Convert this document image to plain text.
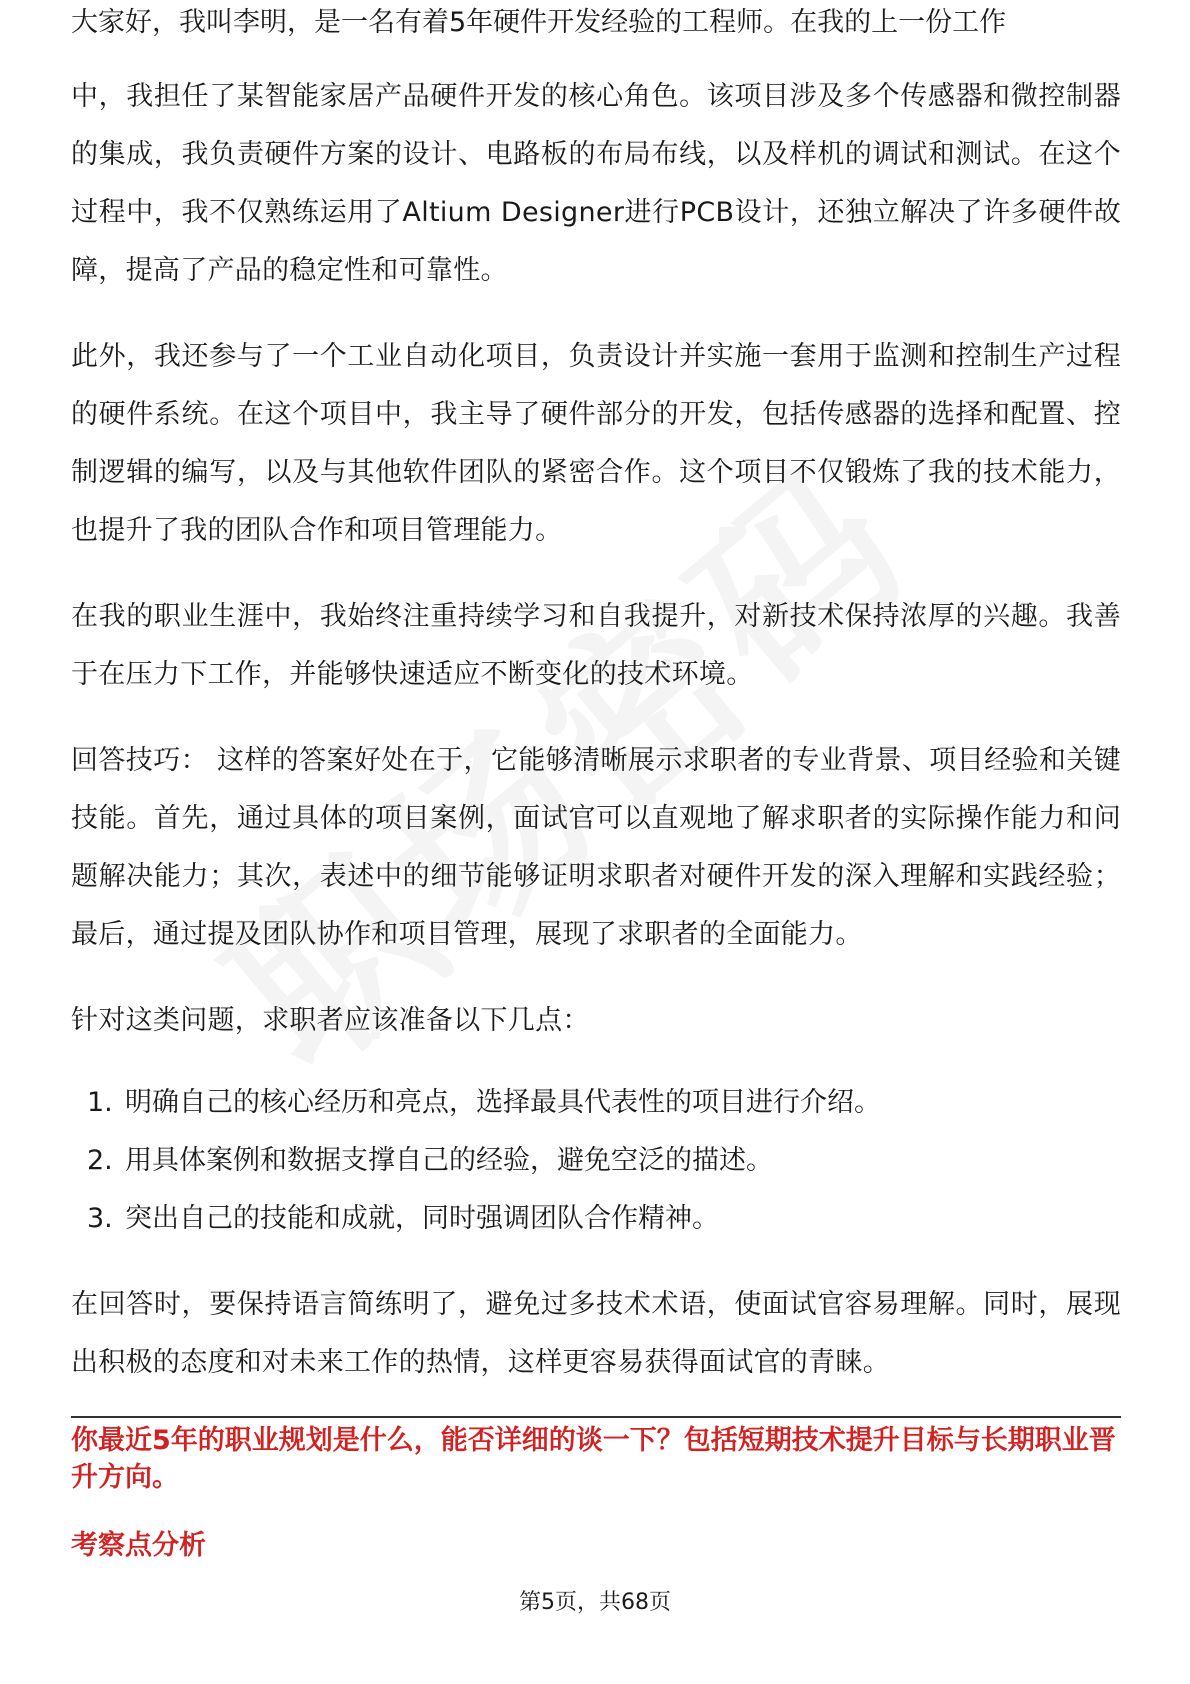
大家好，我叫李明，是一名有着5年硬件开发经验的工程师。在我的上一份工作

中，我担任了某智能家居产品硬件开发的核心角色。该项目涉及多个传感器和微控制器的集成，我负责硬件方案的设计、电路板的布局布线，以及样机的调试和测试。在这个过程中，我不仅熟练运用了Altium Designer进行PCB设计，还独立解决了许多硬件故障，提高了产品的稳定性和可靠性。

此外，我还参与了一个工业自动化项目，负责设计并实施一套用于监测和控制生产过程的硬件系统。在这个项目中，我主导了硬件部分的开发，包括传感器的选择和配置、控制逻辑的编写，以及与其他软件团队的紧密合作。这个项目不仅锻炼了我的技术能力，也提升了我的团队合作和项目管理能力。

在我的职业生涯中，我始终注重持续学习和自我提升，对新技术保持浓厚的兴趣。我善于在压力下工作，并能够快速适应不断变化的技术环境。

回答技巧： 这样的答案好处在于，它能够清晰展示求职者的专业背景、项目经验和关键技能。首先，通过具体的项目案例，面试官可以直观地了解求职者的实际操作能力和问题解决能力；其次，表述中的细节能够证明求职者对硬件开发的深入理解和实践经验；最后，通过提及团队协作和项目管理，展现了求职者的全面能力。

针对这类问题，求职者应该准备以下几点：

1. 明确自己的核心经历和亮点，选择最具代表性的项目进行介绍。
2. 用具体案例和数据支撑自己的经验，避免空泛的描述。
3. 突出自己的技能和成就，同时强调团队合作精神。

在回答时，要保持语言简练明了，避免过多技术术语，使面试官容易理解。同时，展现出积极的态度和对未来工作的热情，这样更容易获得面试官的青睐。

你最近5年的职业规划是什么，能否详细的谈一下？包括短期技术提升目标与长期职业晋升方向。
考察点分析
第5页，共68页
